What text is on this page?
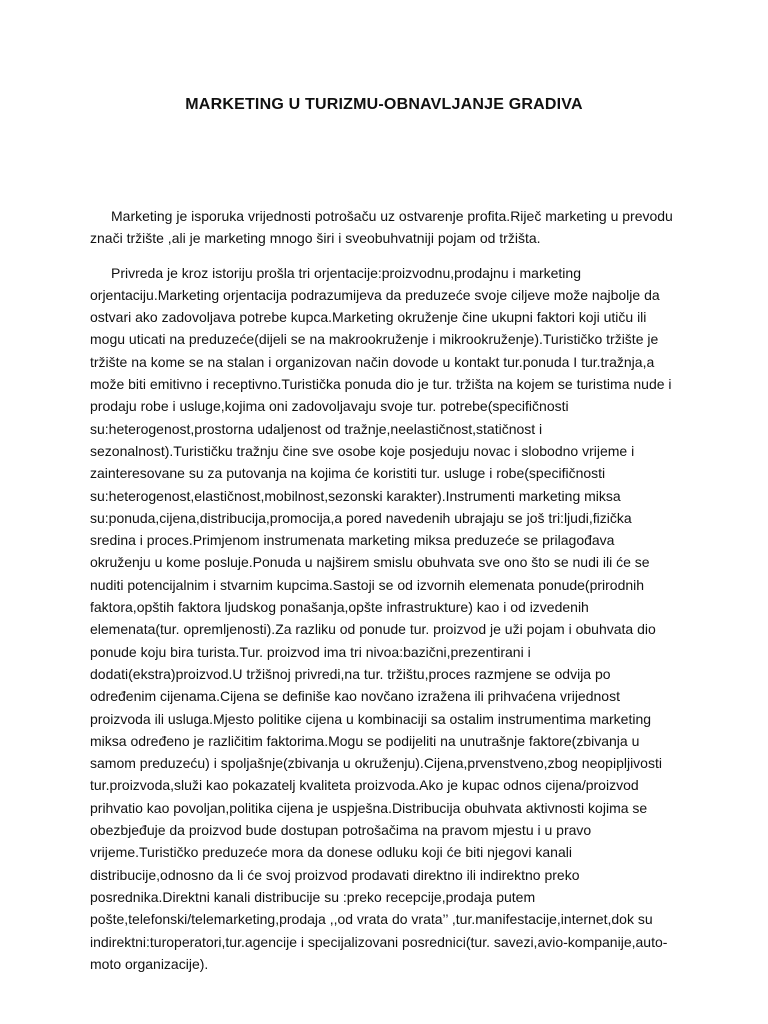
MARKETING U TURIZMU-OBNAVLJANJE GRADIVA

Marketing je isporuka vrijednosti potrošaču uz ostvarenje profita.Riječ marketing u prevodu znači tržište ,ali je marketing mnogo širi i sveobuhvatniji pojam od tržišta.

Privreda je kroz istoriju prošla tri orjentacije:proizvodnu,prodajnu i marketing orjentaciju.Marketing orjentacija podrazumijeva da preduzeće svoje ciljeve može najbolje da ostvari ako zadovoljava potrebe kupca.Marketing okruženje čine ukupni faktori koji utiču ili mogu uticati na preduzeće(dijeli se na makrookruženje i mikrookruženje).Turističko tržište je tržište na kome se na stalan i organizovan način dovode u kontakt tur.ponuda I tur.tražnja,a može biti emitivno i receptivno.Turistička ponuda dio je tur. tržišta na kojem se turistima nude i prodaju robe i usluge,kojima oni zadovoljavaju svoje tur. potrebe(specifičnosti su:heterogenost,prostorna udaljenost od tražnje,neelastičnost,statičnost i sezonalnost).Turističku tražnju čine sve osobe koje posjeduju novac i slobodno vrijeme i zainteresovane su za putovanja na kojima će koristiti tur. usluge i robe(specifičnosti su:heterogenost,elastičnost,mobilnost,sezonski karakter).Instrumenti marketing miksa su:ponuda,cijena,distribucija,promocija,a pored navedenih ubrajaju se još tri:ljudi,fizička sredina i proces.Primjenom instrumenata marketing miksa preduzeće se prilagođava okruženju u kome posluje.Ponuda u najširem smislu obuhvata sve ono što se nudi ili će se nuditi potencijalnim i stvarnim kupcima.Sastoji se od izvornih elemenata ponude(prirodnih faktora,opštih faktora ljudskog ponašanja,opšte infrastrukture) kao i od izvedenih elemenata(tur. opremljenosti).Za razliku od ponude tur. proizvod je uži pojam i obuhvata dio ponude koju bira turista.Tur. proizvod ima tri nivoa:bazični,prezentirani i dodati(ekstra)proizvod.U tržišnoj privredi,na tur. tržištu,proces razmjene se odvija po određenim cijenama.Cijena se definiše kao novčano izražena ili prihvaćena vrijednost proizvoda ili usluga.Mjesto politike cijena u kombinaciji sa ostalim instrumentima marketing miksa određeno je različitim faktorima.Mogu se podijeliti na unutrašnje faktore(zbivanja u samom preduzeću) i spoljašnje(zbivanja u okruženju).Cijena,prvenstveno,zbog neopipljivosti tur.proizvoda,služi kao pokazatelj kvaliteta proizvoda.Ako je kupac odnos cijena/proizvod prihvatio kao povoljan,politika cijena je uspješna.Distribucija obuhvata aktivnosti kojima se obezbjeđuje da proizvod bude dostupan potrošačima na pravom mjestu i u pravo vrijeme.Turističko preduzeće mora da donese odluku koji će biti njegovi kanali distribucije,odnosno da li će svoj proizvod prodavati direktno ili indirektno preko posrednika.Direktni kanali distribucije su :preko recepcije,prodaja putem pošte,telefonski/telemarketing,prodaja ,,od vrata do vrata’’ ,tur.manifestacije,internet,dok su indirektni:turoperatori,tur.agencije i specijalizovani posrednici(tur. savezi,avio-kompanije,auto-moto organizacije).
